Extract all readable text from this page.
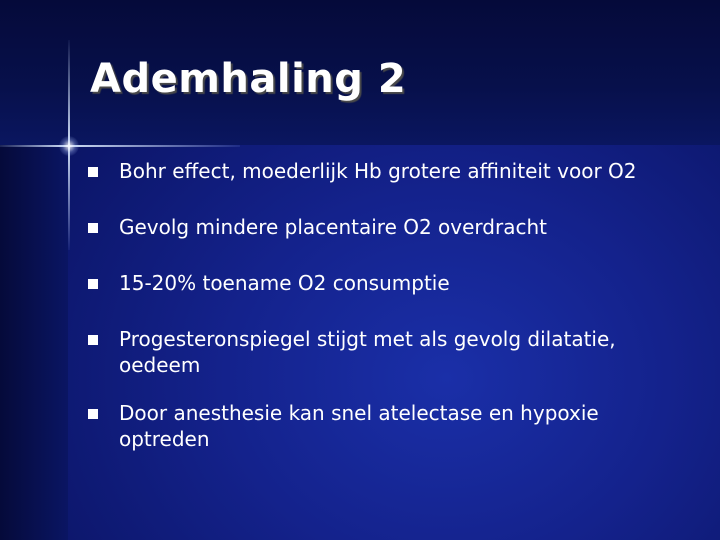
Ademhaling 2
Bohr effect, moederlijk Hb grotere affiniteit voor O2
Gevolg mindere placentaire O2 overdracht
15-20% toename O2 consumptie
Progesteronspiegel stijgt met als gevolg dilatatie, oedeem
Door anesthesie kan snel atelectase en hypoxie optreden
